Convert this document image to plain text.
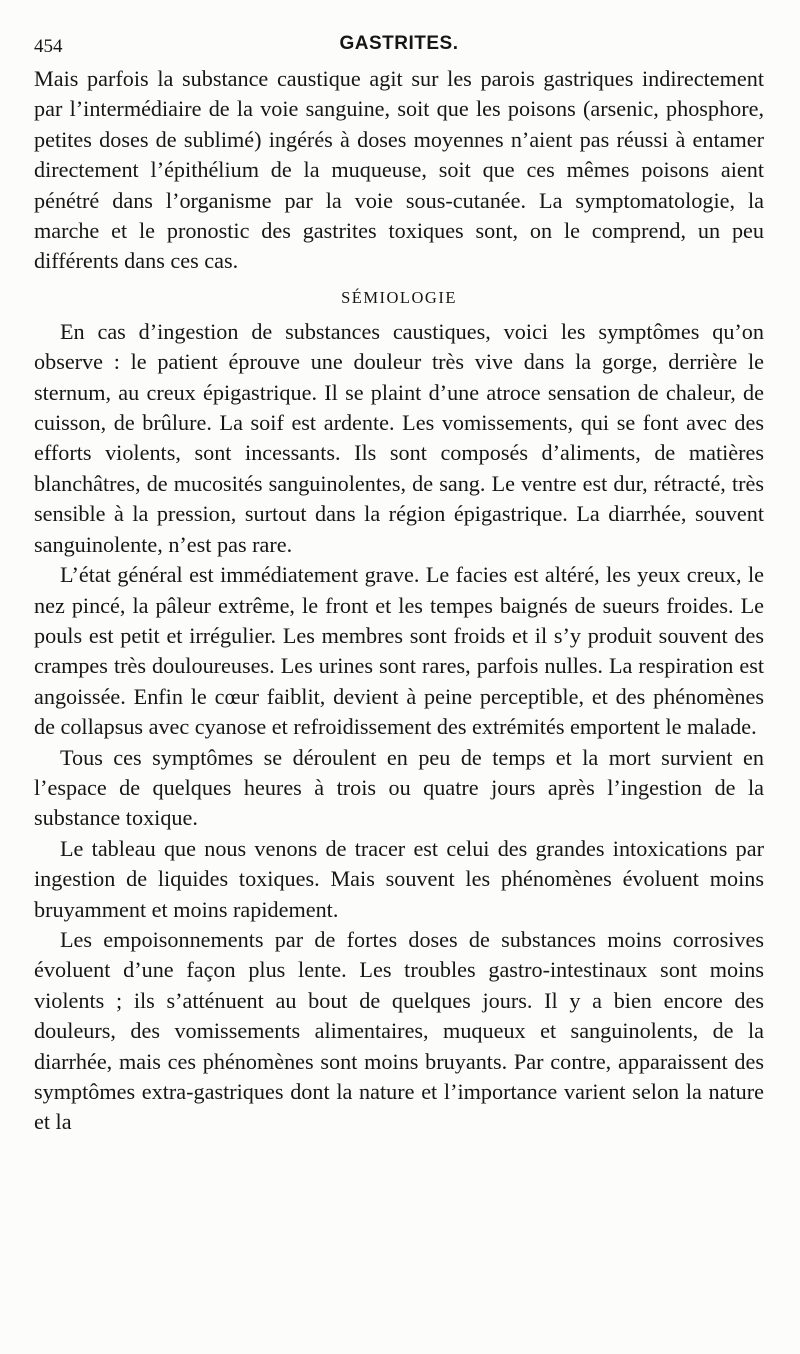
454	GASTRITES.

Mais parfois la substance caustique agit sur les parois gastriques indirectement par l’intermédiaire de la voie sanguine, soit que les poisons (arsenic, phosphore, petites doses de sublimé) ingérés à doses moyennes n’aient pas réussi à entamer directement l’épithélium de la muqueuse, soit que ces mêmes poisons aient pénétré dans l’organisme par la voie sous-cutanée. La symptomatologie, la marche et le pronostic des gastrites toxiques sont, on le comprend, un peu différents dans ces cas.

SÉMIOLOGIE

En cas d’ingestion de substances caustiques, voici les symptômes qu’on observe : le patient éprouve une douleur très vive dans la gorge, derrière le sternum, au creux épigastrique. Il se plaint d’une atroce sensation de chaleur, de cuisson, de brûlure. La soif est ardente. Les vomissements, qui se font avec des efforts violents, sont incessants. Ils sont composés d’aliments, de matières blanchâtres, de mucosités sanguinolentes, de sang. Le ventre est dur, rétracté, très sensible à la pression, surtout dans la région épigastrique. La diarrhée, souvent sanguinolente, n’est pas rare.

L’état général est immédiatement grave. Le facies est altéré, les yeux creux, le nez pincé, la pâleur extrême, le front et les tempes baignés de sueurs froides. Le pouls est petit et irrégulier. Les membres sont froids et il s’y produit souvent des crampes très douloureuses. Les urines sont rares, parfois nulles. La respiration est angoissée. Enfin le cœur faiblit, devient à peine perceptible, et des phénomènes de collapsus avec cyanose et refroidissement des extrémités emportent le malade.

Tous ces symptômes se déroulent en peu de temps et la mort survient en l’espace de quelques heures à trois ou quatre jours après l’ingestion de la substance toxique.

Le tableau que nous venons de tracer est celui des grandes intoxications par ingestion de liquides toxiques. Mais souvent les phénomènes évoluent moins bruyamment et moins rapidement.

Les empoisonnements par de fortes doses de substances moins corrosives évoluent d’une façon plus lente. Les troubles gastro-intestinaux sont moins violents ; ils s’atténuent au bout de quelques jours. Il y a bien encore des douleurs, des vomissements alimentaires, muqueux et sanguinolents, de la diarrhée, mais ces phénomènes sont moins bruyants. Par contre, apparaissent des symptômes extra-gastriques dont la nature et l’importance varient selon la nature et la
